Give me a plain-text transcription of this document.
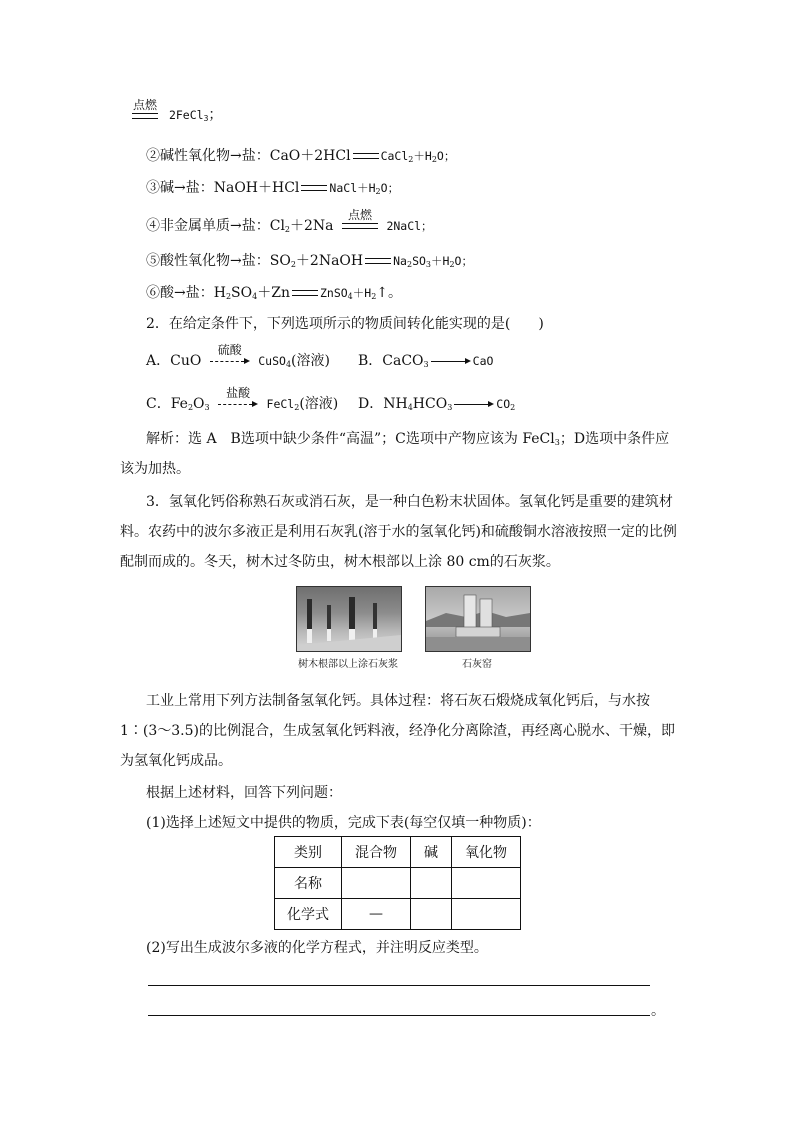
点燃
2FeCl$_3$；
②碱性氧化物→盐：CaO＋2HCl	$CaCl_2+H_2O$；
③碱→盐：NaOH＋HCl	$NaCl+H_2O$；
④非金属单质→盐：$Cl_2+2Na$
点燃
2NaCl；
⑤酸性氧化物→盐：$SO_2+2NaOH$	$Na_2SO_3+H_2O$；
⑥酸→盐：$H_2SO_4+Zn$	$ZnSO_4+H_2↑$。
2．在给定条件下，下列选项所示的物质间转化能实现的是(　　)
A．CuO
硫酸
CuSO$_4$(溶液) B．CaCO$_3$	CaO
C．$Fe_2O_3$
盐酸
FeCl$_2$(溶液) D．$NH_4HCO_3$	$CO_2$
解析：选 A　B选项中缺少条件“高温”；C选项中产物应该为 FeCl$_3$；D选项中条件应
该为加热。
3．氢氧化钙俗称熟石灰或消石灰，是一种白色粉末状固体。氢氧化钙是重要的建筑材
料。农药中的波尔多液正是利用石灰乳(溶于水的氢氧化钙)和硫酸铜水溶液按照一定的比例
配制而成的。冬天，树木过冬防虫，树木根部以上涂 80 cm的石灰浆。
树木根部以上涂石灰浆	石灰窑
工业上常用下列方法制备氢氧化钙。具体过程：将石灰石煅烧成氧化钙后，与水按
1∶(3～3.5)的比例混合，生成氢氧化钙料液，经净化分离除渣，再经离心脱水、干燥，即
为氢氧化钙成品。
根据上述材料，回答下列问题：
(1)选择上述短文中提供的物质，完成下表(每空仅填一种物质)：
类别	混合物	碱	氧化物
名称			
化学式	—		
(2)写出生成波尔多液的化学方程式，并注明反应类型。
。
